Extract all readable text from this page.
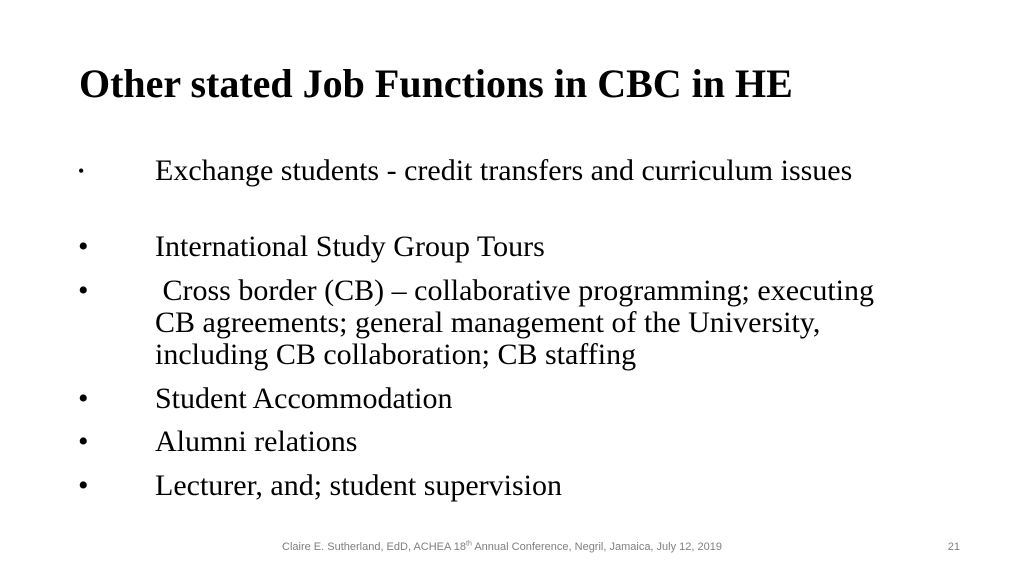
Other stated Job Functions in CBC in HE
•	Exchange students - credit transfers and curriculum issues
•	International Study Group Tours
•	Cross border (CB) – collaborative programming; executing CB agreements; general management of the University, including CB collaboration; CB staffing
•	Student Accommodation
•	Alumni relations
•	Lecturer, and; student supervision
Claire E. Sutherland, EdD, ACHEA 18th Annual Conference, Negril, Jamaica, July 12, 2019	21
